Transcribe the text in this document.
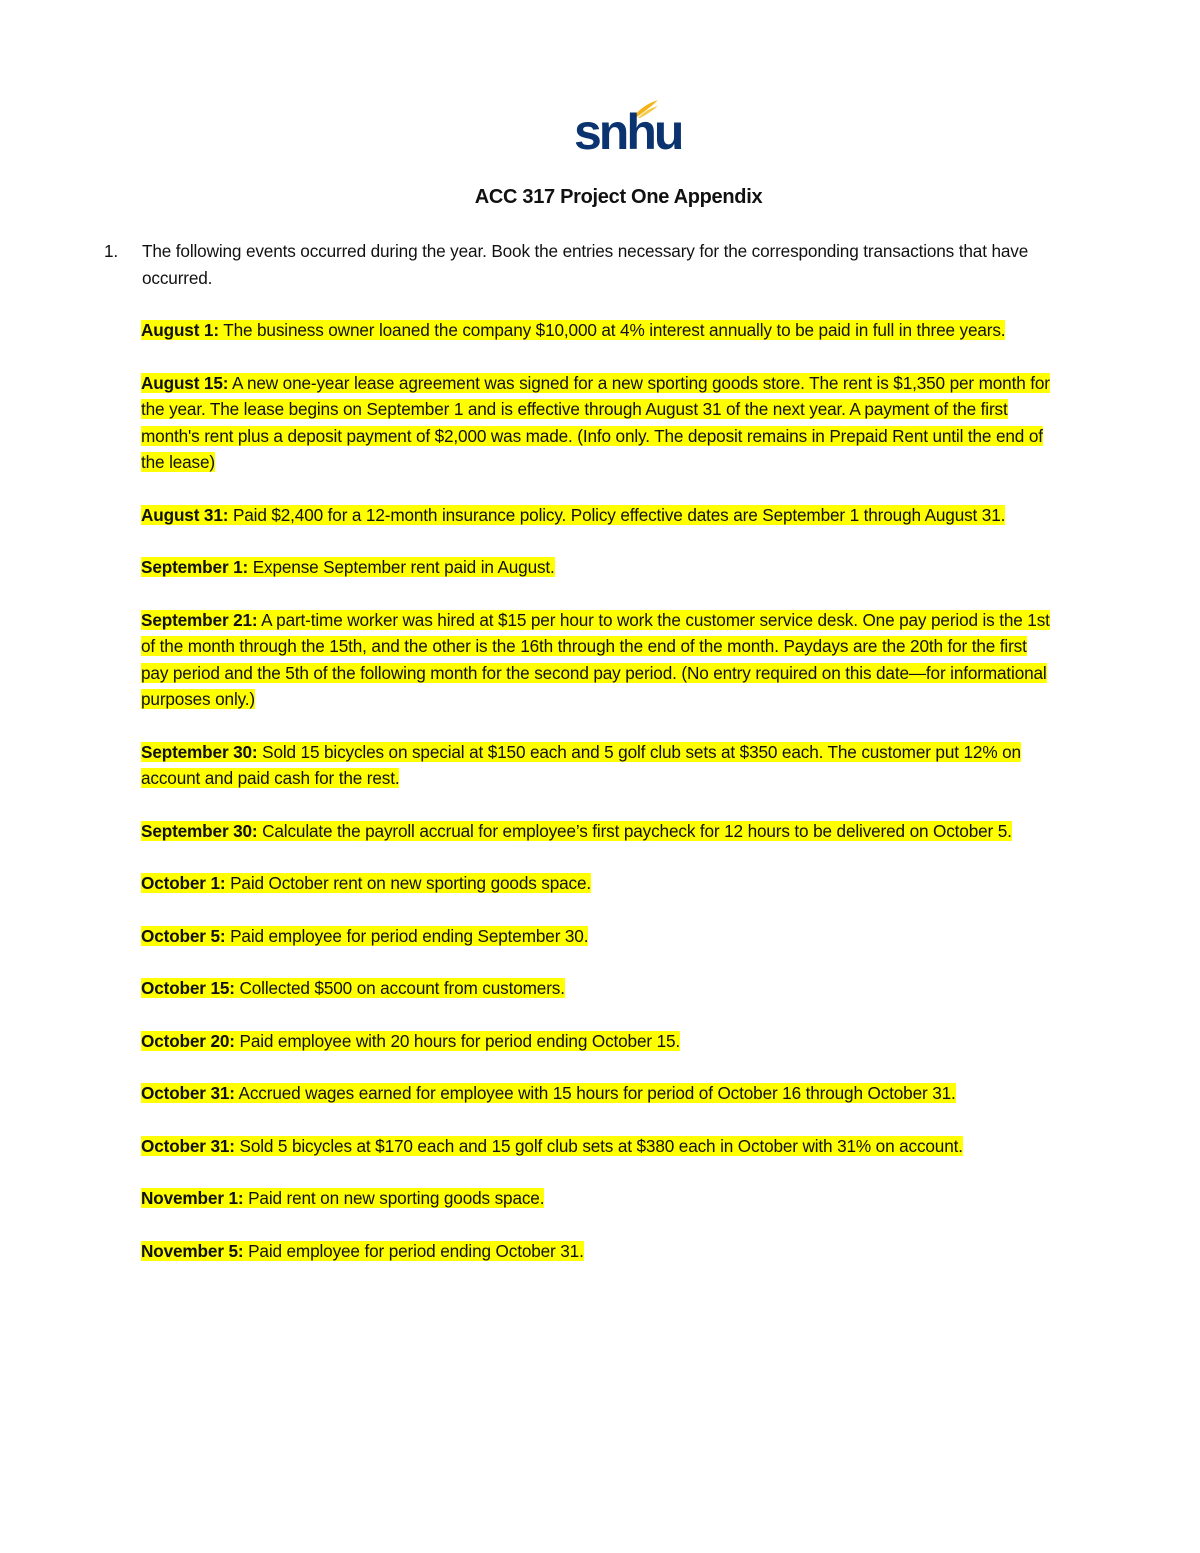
snhu
ACC 317 Project One Appendix
1. The following events occurred during the year. Book the entries necessary for the corresponding transactions that have occurred.

August 1: The business owner loaned the company $10,000 at 4% interest annually to be paid in full in three years.

August 15: A new one-year lease agreement was signed for a new sporting goods store. The rent is $1,350 per month for the year. The lease begins on September 1 and is effective through August 31 of the next year. A payment of the first month's rent plus a deposit payment of $2,000 was made. (Info only. The deposit remains in Prepaid Rent until the end of the lease)

August 31: Paid $2,400 for a 12-month insurance policy. Policy effective dates are September 1 through August 31.

September 1: Expense September rent paid in August.

September 21: A part-time worker was hired at $15 per hour to work the customer service desk. One pay period is the 1st of the month through the 15th, and the other is the 16th through the end of the month. Paydays are the 20th for the first pay period and the 5th of the following month for the second pay period. (No entry required on this date—for informational purposes only.)

September 30: Sold 15 bicycles on special at $150 each and 5 golf club sets at $350 each. The customer put 12% on account and paid cash for the rest.

September 30: Calculate the payroll accrual for employee’s first paycheck for 12 hours to be delivered on October 5.

October 1: Paid October rent on new sporting goods space.

October 5: Paid employee for period ending September 30.

October 15: Collected $500 on account from customers.

October 20: Paid employee with 20 hours for period ending October 15.

October 31: Accrued wages earned for employee with 15 hours for period of October 16 through October 31.

October 31: Sold 5 bicycles at $170 each and 15 golf club sets at $380 each in October with 31% on account.

November 1: Paid rent on new sporting goods space.

November 5: Paid employee for period ending October 31.
